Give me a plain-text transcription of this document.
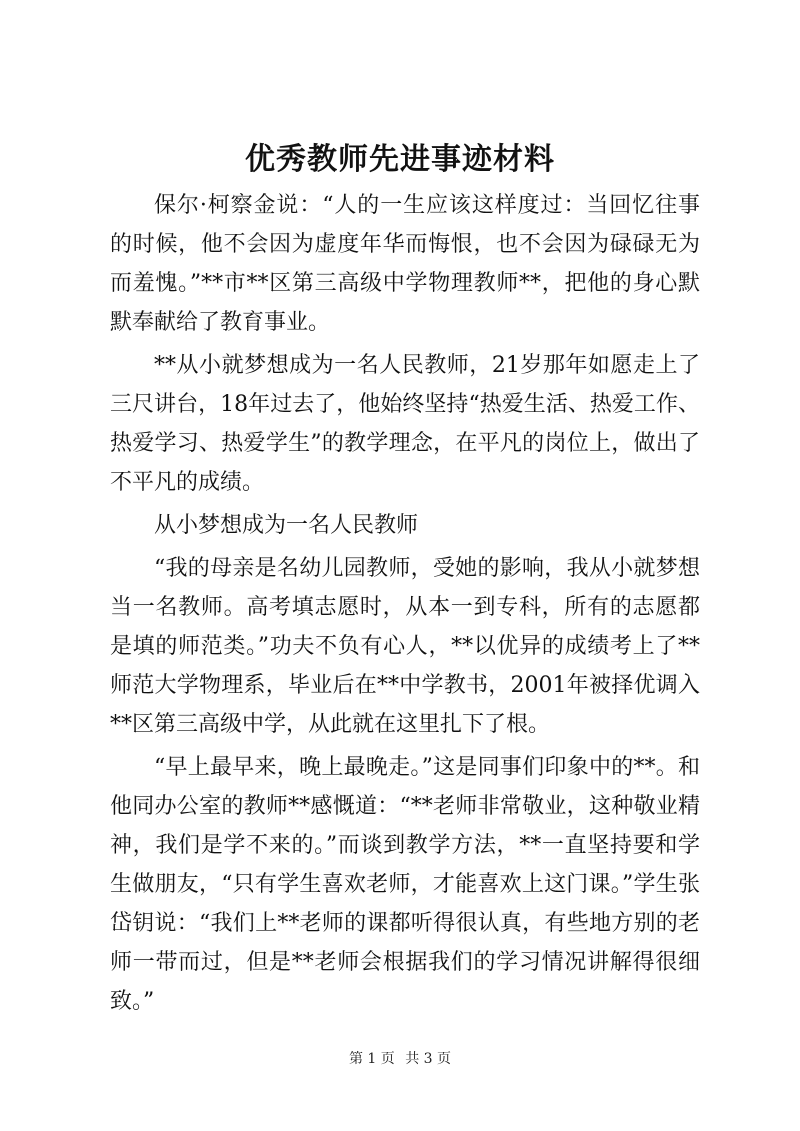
优秀教师先进事迹材料

保尔·柯察金说：“人的一生应该这样度过：当回忆往事的时候，他不会因为虚度年华而悔恨，也不会因为碌碌无为而羞愧。”**市**区第三高级中学物理教师**，把他的身心默默奉献给了教育事业。

**从小就梦想成为一名人民教师，21岁那年如愿走上了三尺讲台，18年过去了，他始终坚持“热爱生活、热爱工作、热爱学习、热爱学生”的教学理念，在平凡的岗位上，做出了不平凡的成绩。

从小梦想成为一名人民教师

“我的母亲是名幼儿园教师，受她的影响，我从小就梦想当一名教师。高考填志愿时，从本一到专科，所有的志愿都是填的师范类。”功夫不负有心人，**以优异的成绩考上了**师范大学物理系，毕业后在**中学教书，2001年被择优调入**区第三高级中学，从此就在这里扎下了根。

“早上最早来，晚上最晚走。”这是同事们印象中的**。和他同办公室的教师**感慨道：“**老师非常敬业，这种敬业精神，我们是学不来的。”而谈到教学方法，**一直坚持要和学生做朋友，“只有学生喜欢老师，才能喜欢上这门课。”学生张岱钥说：“我们上**老师的课都听得很认真，有些地方别的老师一带而过，但是**老师会根据我们的学习情况讲解得很细致。”

第 1 页 共 3 页
